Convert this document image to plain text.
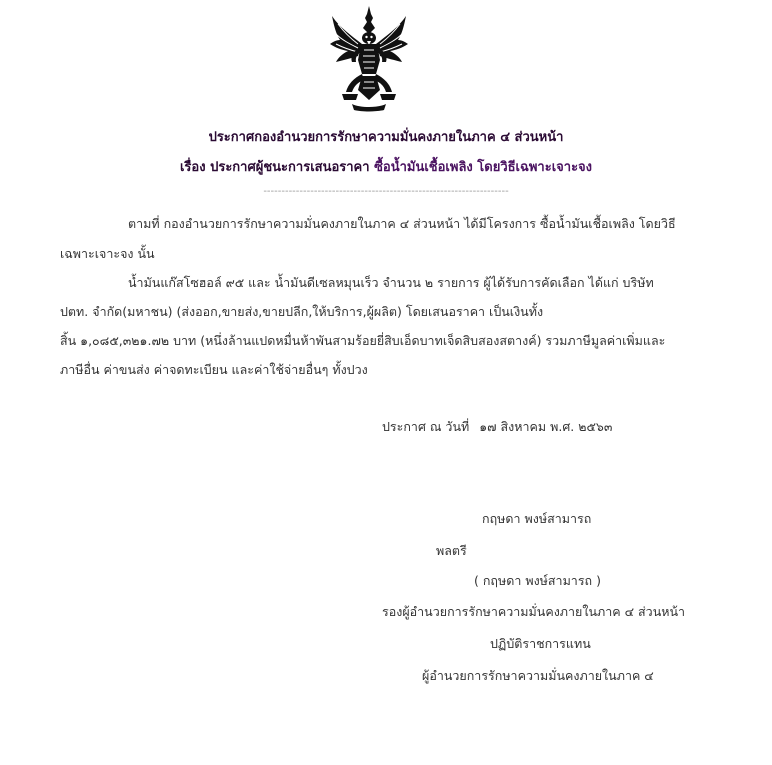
ประกาศกองอำนวยการรักษาความมั่นคงภายในภาค ๔ ส่วนหน้า
เรื่อง ประกาศผู้ชนะการเสนอราคา ซื้อน้ำมันเชื้อเพลิง โดยวิธีเฉพาะเจาะจง
--------------------------------------------------------------------
ตามที่ กองอำนวยการรักษาความมั่นคงภายในภาค ๔ ส่วนหน้า ได้มีโครงการ ซื้อน้ำมันเชื้อเพลิง โดยวิธี
เฉพาะเจาะจง นั้น
น้ำมันแก๊สโซฮอล์ ๙๕ และ น้ำมันดีเซลหมุนเร็ว จำนวน ๒ รายการ ผู้ได้รับการคัดเลือก ได้แก่ บริษัท
ปตท. จำกัด(มหาชน) (ส่งออก,ขายส่ง,ขายปลีก,ให้บริการ,ผู้ผลิต) โดยเสนอราคา เป็นเงินทั้ง
สิ้น ๑,๐๘๕,๓๒๑.๗๒ บาท (หนึ่งล้านแปดหมื่นห้าพันสามร้อยยี่สิบเอ็ดบาทเจ็ดสิบสองสตางค์) รวมภาษีมูลค่าเพิ่มและ
ภาษีอื่น ค่าขนส่ง ค่าจดทะเบียน และค่าใช้จ่ายอื่นๆ ทั้งปวง
ประกาศ ณ วันที่ ๑๗ สิงหาคม พ.ศ. ๒๕๖๓
กฤษดา พงษ์สามารถ
พลตรี
( กฤษดา พงษ์สามารถ )
รองผู้อำนวยการรักษาความมั่นคงภายในภาค ๔ ส่วนหน้า
ปฏิบัติราชการแทน
ผู้อำนวยการรักษาความมั่นคงภายในภาค ๔
